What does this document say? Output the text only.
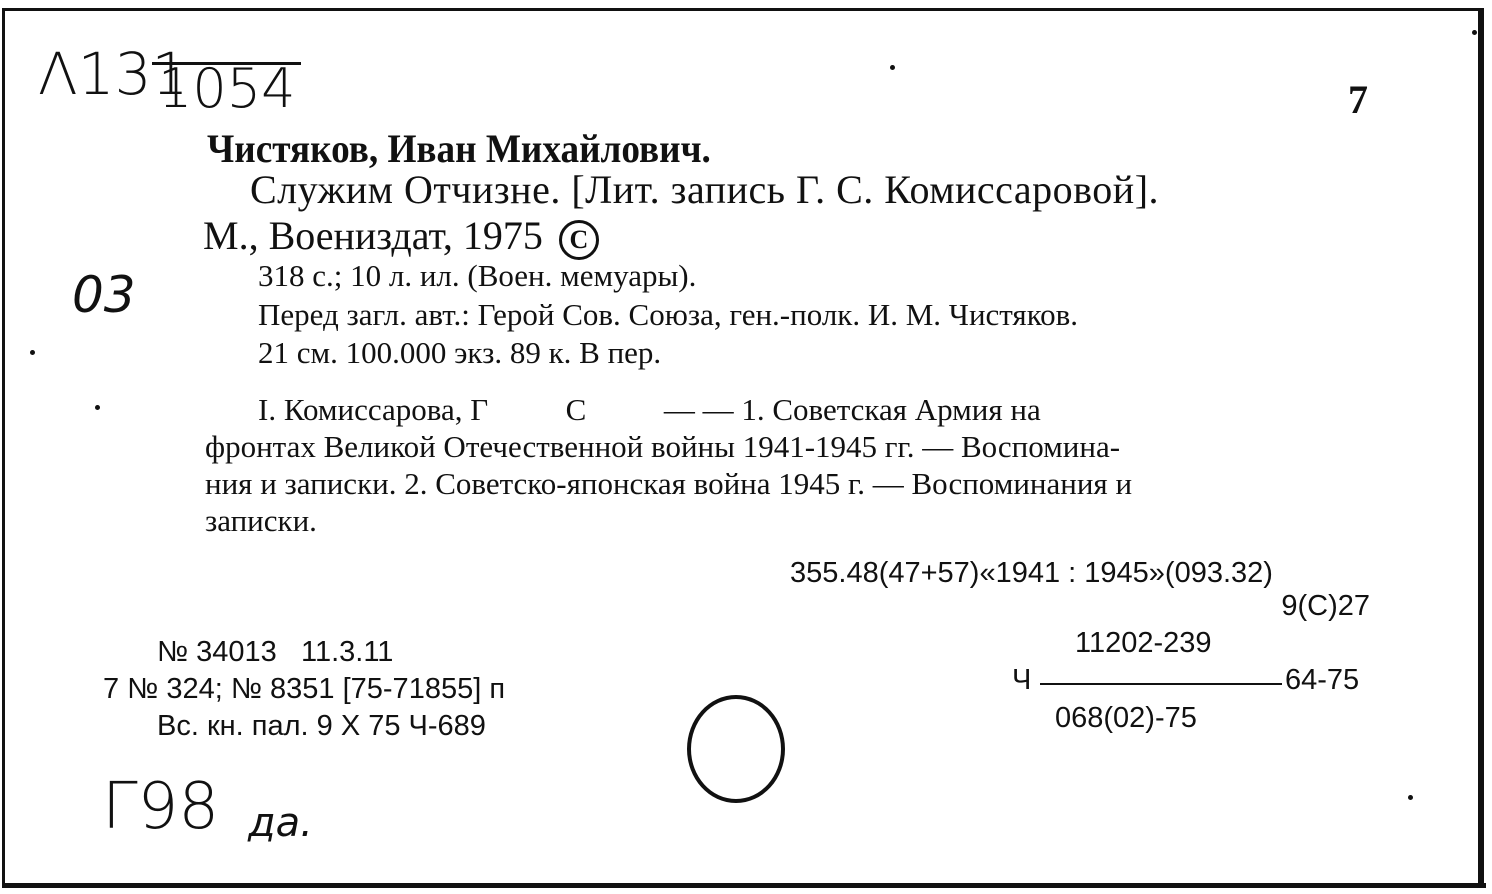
Λ131
1054	7
Чистяков, Иван Михайлович.
Служим Отчизне. [Лит. запись Г. С. Комиссаровой].
М., Воениздат, 1975 C
03	318 с.; 10 л. ил. (Воен. мемуары).
Перед загл. авт.: Герой Сов. Союза, ген.-полк. И. М. Чистяков.
21 см. 100.000 экз. 89 к. В пер.
I. Комиссарова, Г          С          — — 1. Советская Армия на
фронтах Великой Отечественной войны 1941-1945 гг. — Воспомина-
ния и записки. 2. Советско-японская война 1945 г. — Воспоминания и
записки.
355.48(47+57)«1941 : 1945»(093.32)
9(С)27
11202-239
Ч	64-75
068(02)-75
№ 34013   11.3.11
7 № 324; № 8351 [75-71855] п
Вс. кн. пал. 9 X 75 Ч-689
Г98 да.
